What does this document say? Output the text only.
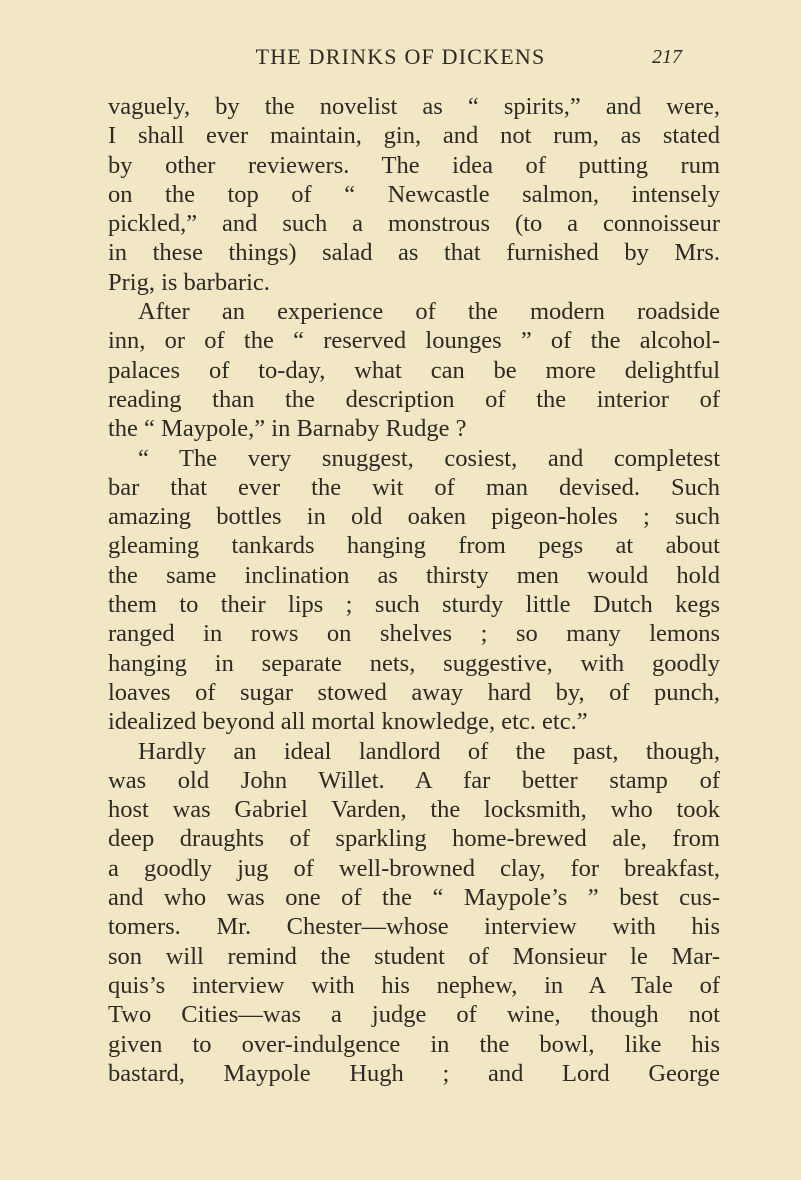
THE DRINKS OF DICKENS	217
vaguely, by the novelist as “ spirits,” and were,
I shall ever maintain, gin, and not rum, as stated
by other reviewers. The idea of putting rum
on the top of “ Newcastle salmon, intensely
pickled,” and such a monstrous (to a connoisseur
in these things) salad as that furnished by Mrs.
Prig, is barbaric.
After an experience of the modern roadside
inn, or of the “ reserved lounges ” of the alcohol-
palaces of to-day, what can be more delightful
reading than the description of the interior of
the “ Maypole,” in Barnaby Rudge ?
“ The very snuggest, cosiest, and completest
bar that ever the wit of man devised. Such
amazing bottles in old oaken pigeon-holes ; such
gleaming tankards hanging from pegs at about
the same inclination as thirsty men would hold
them to their lips ; such sturdy little Dutch kegs
ranged in rows on shelves ; so many lemons
hanging in separate nets, suggestive, with goodly
loaves of sugar stowed away hard by, of punch,
idealized beyond all mortal knowledge, etc. etc.”
Hardly an ideal landlord of the past, though,
was old John Willet. A far better stamp of
host was Gabriel Varden, the locksmith, who took
deep draughts of sparkling home-brewed ale, from
a goodly jug of well-browned clay, for breakfast,
and who was one of the “ Maypole’s ” best cus-
tomers. Mr. Chester—whose interview with his
son will remind the student of Monsieur le Mar-
quis’s interview with his nephew, in A Tale of
Two Cities—was a judge of wine, though not
given to over-indulgence in the bowl, like his
bastard, Maypole Hugh ; and Lord George
